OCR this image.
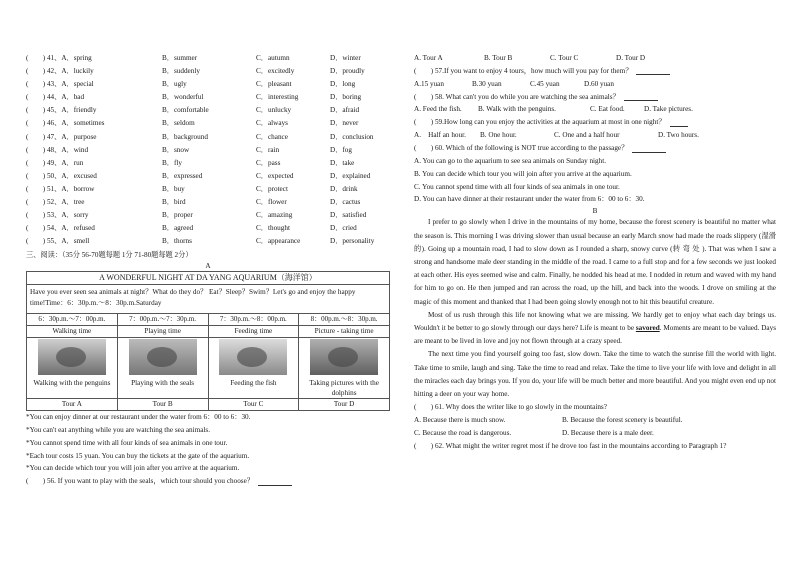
(　　) 41、A．spring	B．summer	C．autumn	D．winter
(　　) 42、A．luckily	B．suddenly	C．excitedly	D．proudly
(　　) 43、A．special	B．ugly	C．pleasant	D．long
(　　) 44、A．bad	B．wonderful	C．interesting	D．boring
(　　) 45、A．friendly	B．comfortable	C．unlucky	D．afraid
(　　) 46、A．sometimes	B．seldom	C．always	D．never
(　　) 47、A．purpose	B．background	C．chance	D．conclusion
(　　) 48、A．wind	B．snow	C．rain	D．fog
(　　) 49、A．run	B．fly	C．pass	D．take
(　　) 50、A．excused	B．expressed	C．expected	D．explained
(　　) 51、A．borrow	B．buy	C．protect	D．drink
(　　) 52、A．tree	B．bird	C．flower	D．cactus
(　　) 53、A．sorry	B．proper	C．amazing	D．satisfied
(　　) 54、A．refused	B．agreed	C．thought	D．cried
(　　) 55、A．smell	B．thorns	C．appearance	D．personality
三、阅读：（35分 56-70题每题 1分 71-80题每题 2分）
A
A WONDERFUL NIGHT AT DA YANG AQUARIUM（海洋馆）
Have you ever seen sea animals at night？What do they do？ Eat？Sleep？Swim？Let's go and enjoy the happy time!Time：6：30p.m.～8：30p.m.Saturday
6：30p.m.～7：00p.m.	7：00p.m.～7：30p.m.	7：30p.m.～8：00p.m.	8：00p.m.～8：30p.m.
Walking time	Playing time	Feeding time	Picture - taking time

Walking with the penguins	Playing with the seals	Feeding the fish	Taking pictures with the dolphins

Tour A	Tour B	Tour C	Tour D
*You can enjoy dinner at our restaurant under the water from 6：00 to 6：30.
*You can't eat anything while you are watching the sea animals.
*You cannot spend time with all four kinds of sea animals in one tour.
*Each tour costs 15 yuan. You can buy the tickets at the gate of the aquarium.
*You can decide which tour you will join after you arrive at the aquarium.
(　　) 56. If you want to play with the seals，which tour should you choose？
A. Tour A	B. Tour B	C. Tour C	D. Tour D
(　　) 57.If you want to enjoy 4 tours，how much will you pay for them？
A.15 yuan	B.30 yuan	C.45 yuan	D.60 yuan
(　　) 58. What can't you do while you are watching the sea animals？
A. Feed the fish.	B. Walk with the penguins.	C. Eat food.	D. Take pictures.
(　　) 59.How long can you enjoy the activities at the aquarium at most in one night？
A.　Half an hour.	B. One hour.	C. One and a half hour	D. Two hours.
(　　) 60. Which of the following is NOT true according to the passage？
A. You can go to the aquarium to see sea animals on Sunday night.
B. You can decide which tour you will join after you arrive at the aquarium.
C. You cannot spend time with all four kinds of sea animals in one tour.
D. You can have dinner at their restaurant under the water from 6：00 to 6：30.
B
I prefer to go slowly when I drive in the mountains of my home, because the forest scenery is beautiful no matter what the season is. This morning I was driving slower than usual because an early March snow had made the roads slippery (湿滑的). Going up a mountain road, I had to slow down as I rounded a sharp, snowy curve (转 弯 处 ). That was when I saw a strong and handsome male deer standing in the middle of the road. I came to a full stop and for a few seconds we just looked at each other. His eyes seemed wise and calm. Finally, he nodded his head at me. I nodded in return and waved with my hand for him to go on. He then jumped and ran across the road, up the hill, and back into the woods. I drove on smiling at the magic of this moment and thanked that I had been going slowly enough not to hit this beautiful creature.
Most of us rush through this life not knowing what we are missing. We hardly get to enjoy what each day brings us. Wouldn't it be better to go slowly through our days here? Life is meant to be savored. Moments are meant to be valued. Days are meant to be lived in love and joy not flown through at a crazy speed.
The next time you find yourself going too fast, slow down. Take the time to watch the sunrise fill the world with light. Take time to smile, laugh and sing. Take the time to read and relax. Take the time to live your life with love and delight in all the miracles each day brings you. If you do, your life will be much better and more beautiful. And you might even end up not hitting a deer on your way home.
(　　) 61. Why does the writer like to go slowly in the mountains?
A. Because there is much snow.	B. Because the forest scenery is beautiful.
C. Because the road is dangerous.	D. Because there is a male deer.
(　　) 62. What might the writer regret most if he drove too fast in the mountains according to Paragraph 1?
